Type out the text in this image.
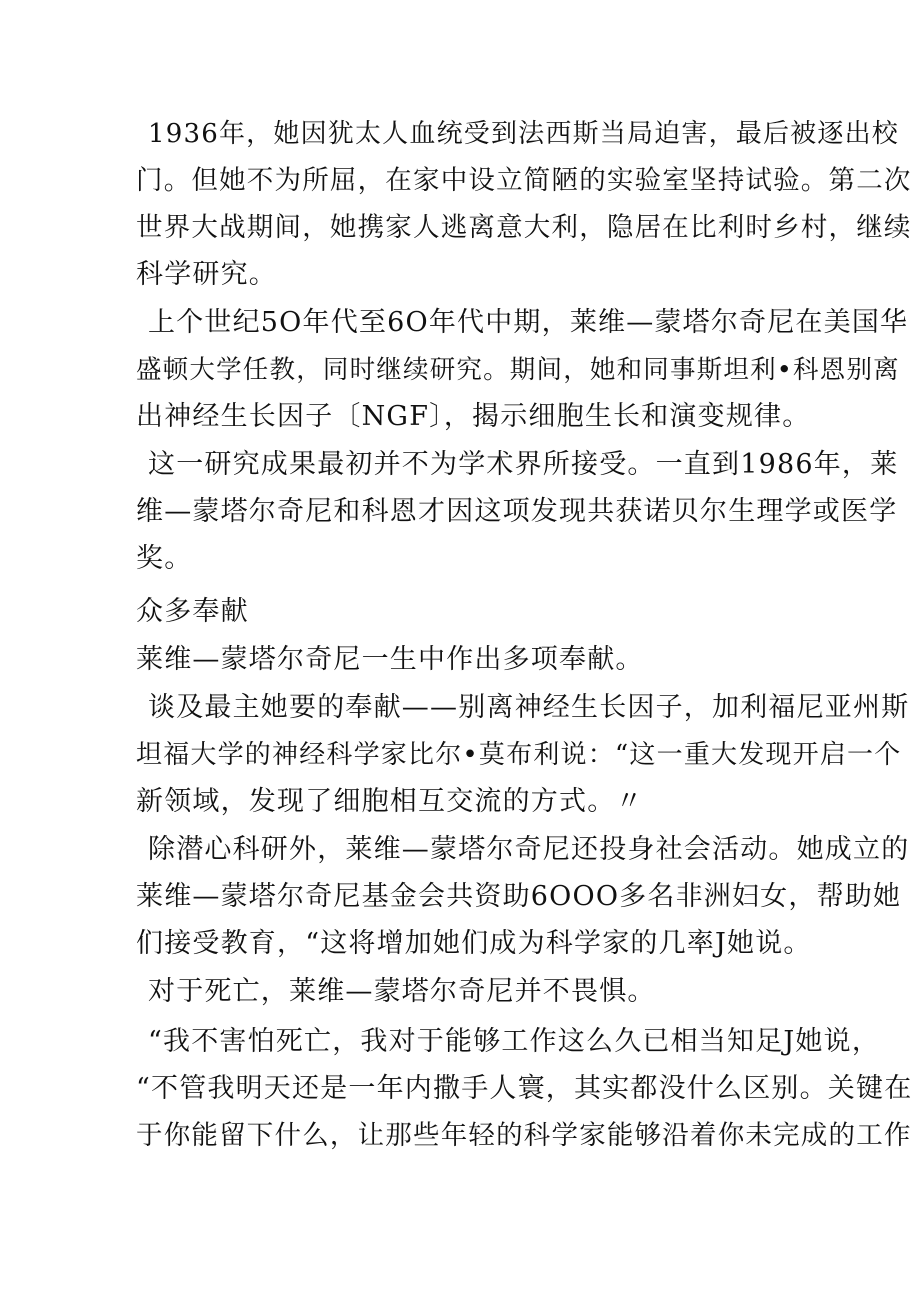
1936年，她因犹太人血统受到法西斯当局迫害，最后被逐出校
门。但她不为所屈，在家中设立简陋的实验室坚持试验。第二次
世界大战期间，她携家人逃离意大利，隐居在比利时乡村，继续
科学研究。
上个世纪5O年代至6O年代中期，莱维—蒙塔尔奇尼在美国华
盛顿大学任教，同时继续研究。期间，她和同事斯坦利•科恩别离
出神经生长因子〔NGF〕，揭示细胞生长和演变规律。
这一研究成果最初并不为学术界所接受。一直到1986年，莱
维—蒙塔尔奇尼和科恩才因这项发现共获诺贝尔生理学或医学
奖。
众多奉献
莱维—蒙塔尔奇尼一生中作出多项奉献。
谈及最主她要的奉献——别离神经生长因子，加利福尼亚州斯
坦福大学的神经科学家比尔•莫布利说：“这一重大发现开启一个
新领域，发现了细胞相互交流的方式。〃
除潜心科研外，莱维—蒙塔尔奇尼还投身社会活动。她成立的
莱维—蒙塔尔奇尼基金会共资助6OOO多名非洲妇女，帮助她
们接受教育，“这将增加她们成为科学家的几率J她说。
对于死亡，莱维—蒙塔尔奇尼并不畏惧。
“我不害怕死亡，我对于能够工作这么久已相当知足J她说，
“不管我明天还是一年内撒手人寰，其实都没什么区别。关键在
于你能留下什么，让那些年轻的科学家能够沿着你未完成的工作
